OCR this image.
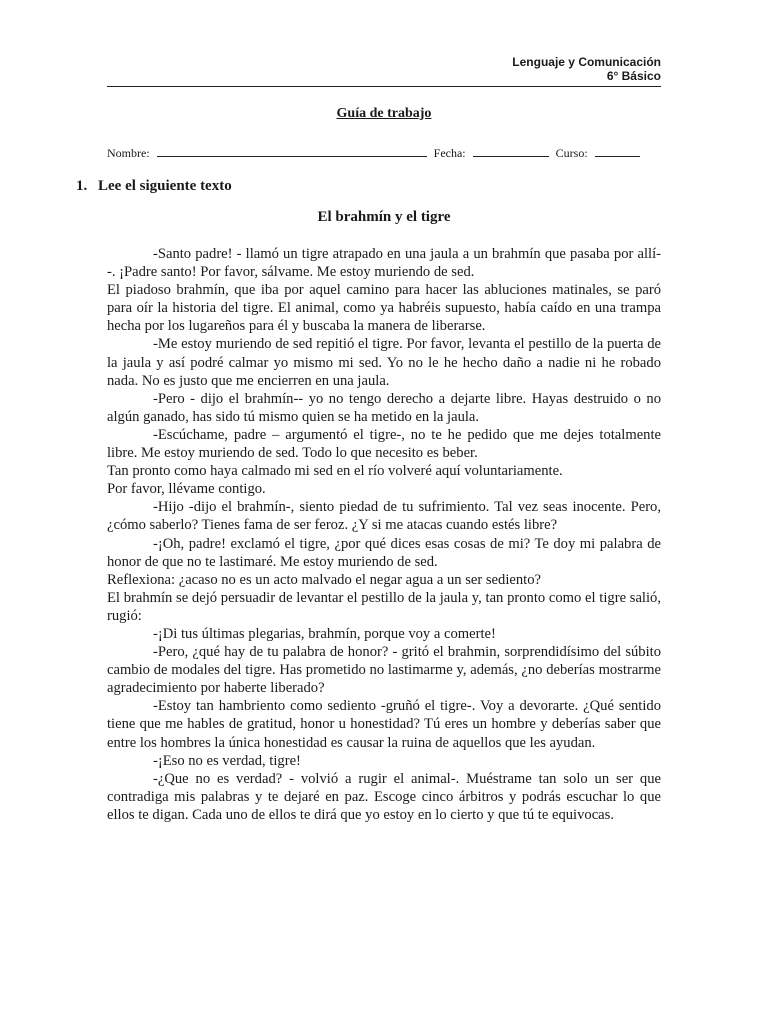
Lenguaje y Comunicación
6° Básico
Guía de trabajo
Nombre:	Fecha:	Curso:
1. Lee el siguiente texto
El brahmín y el tigre

-Santo padre! - llamó un tigre atrapado en una jaula a un brahmín que pasaba por allí--. ¡Padre santo! Por favor, sálvame. Me estoy muriendo de sed.

El piadoso brahmín, que iba por aquel camino para hacer las abluciones matinales, se paró para oír la historia del tigre. El animal, como ya habréis supuesto, había caído en una trampa hecha por los lugareños para él y buscaba la manera de liberarse.

-Me estoy muriendo de sed repitió el tigre. Por favor, levanta el pestillo de la puerta de la jaula y así podré calmar yo mismo mi sed. Yo no le he hecho daño a nadie ni he robado nada. No es justo que me encierren en una jaula.

-Pero - dijo el brahmín-- yo no tengo derecho a dejarte libre. Hayas destruido o no algún ganado, has sido tú mismo quien se ha metido en la jaula.

-Escúchame, padre – argumentó el tigre-, no te he pedido que me dejes totalmente libre. Me estoy muriendo de sed. Todo lo que necesito es beber.

Tan pronto como haya calmado mi sed en el río volveré aquí voluntariamente.

Por favor, llévame contigo.

-Hijo -dijo el brahmín-, siento piedad de tu sufrimiento. Tal vez seas inocente. Pero, ¿cómo saberlo? Tienes fama de ser feroz. ¿Y si me atacas cuando estés libre?

-¡Oh, padre! exclamó el tigre, ¿por qué dices esas cosas de mi? Te doy mi palabra de honor de que no te lastimaré. Me estoy muriendo de sed.

Reflexiona: ¿acaso no es un acto malvado el negar agua a un ser sediento?

El brahmín se dejó persuadir de levantar el pestillo de la jaula y, tan pronto como el tigre salió, rugió:

-¡Di tus últimas plegarias, brahmín, porque voy a comerte!

-Pero, ¿qué hay de tu palabra de honor? - gritó el brahmin, sorprendidísimo del súbito cambio de modales del tigre. Has prometido no lastimarme y, además, ¿no deberías mostrarme agradecimiento por haberte liberado?

-Estoy tan hambriento como sediento -gruñó el tigre-. Voy a devorarte. ¿Qué sentido tiene que me hables de gratitud, honor u honestidad? Tú eres un hombre y deberías saber que entre los hombres la única honestidad es causar la ruina de aquellos que les ayudan.

-¡Eso no es verdad, tigre!

-¿Que no es verdad? - volvió a rugir el animal-. Muéstrame tan solo un ser que contradiga mis palabras y te dejaré en paz. Escoge cinco árbitros y podrás escuchar lo que ellos te digan. Cada uno de ellos te dirá que yo estoy en lo cierto y que tú te equivocas.
